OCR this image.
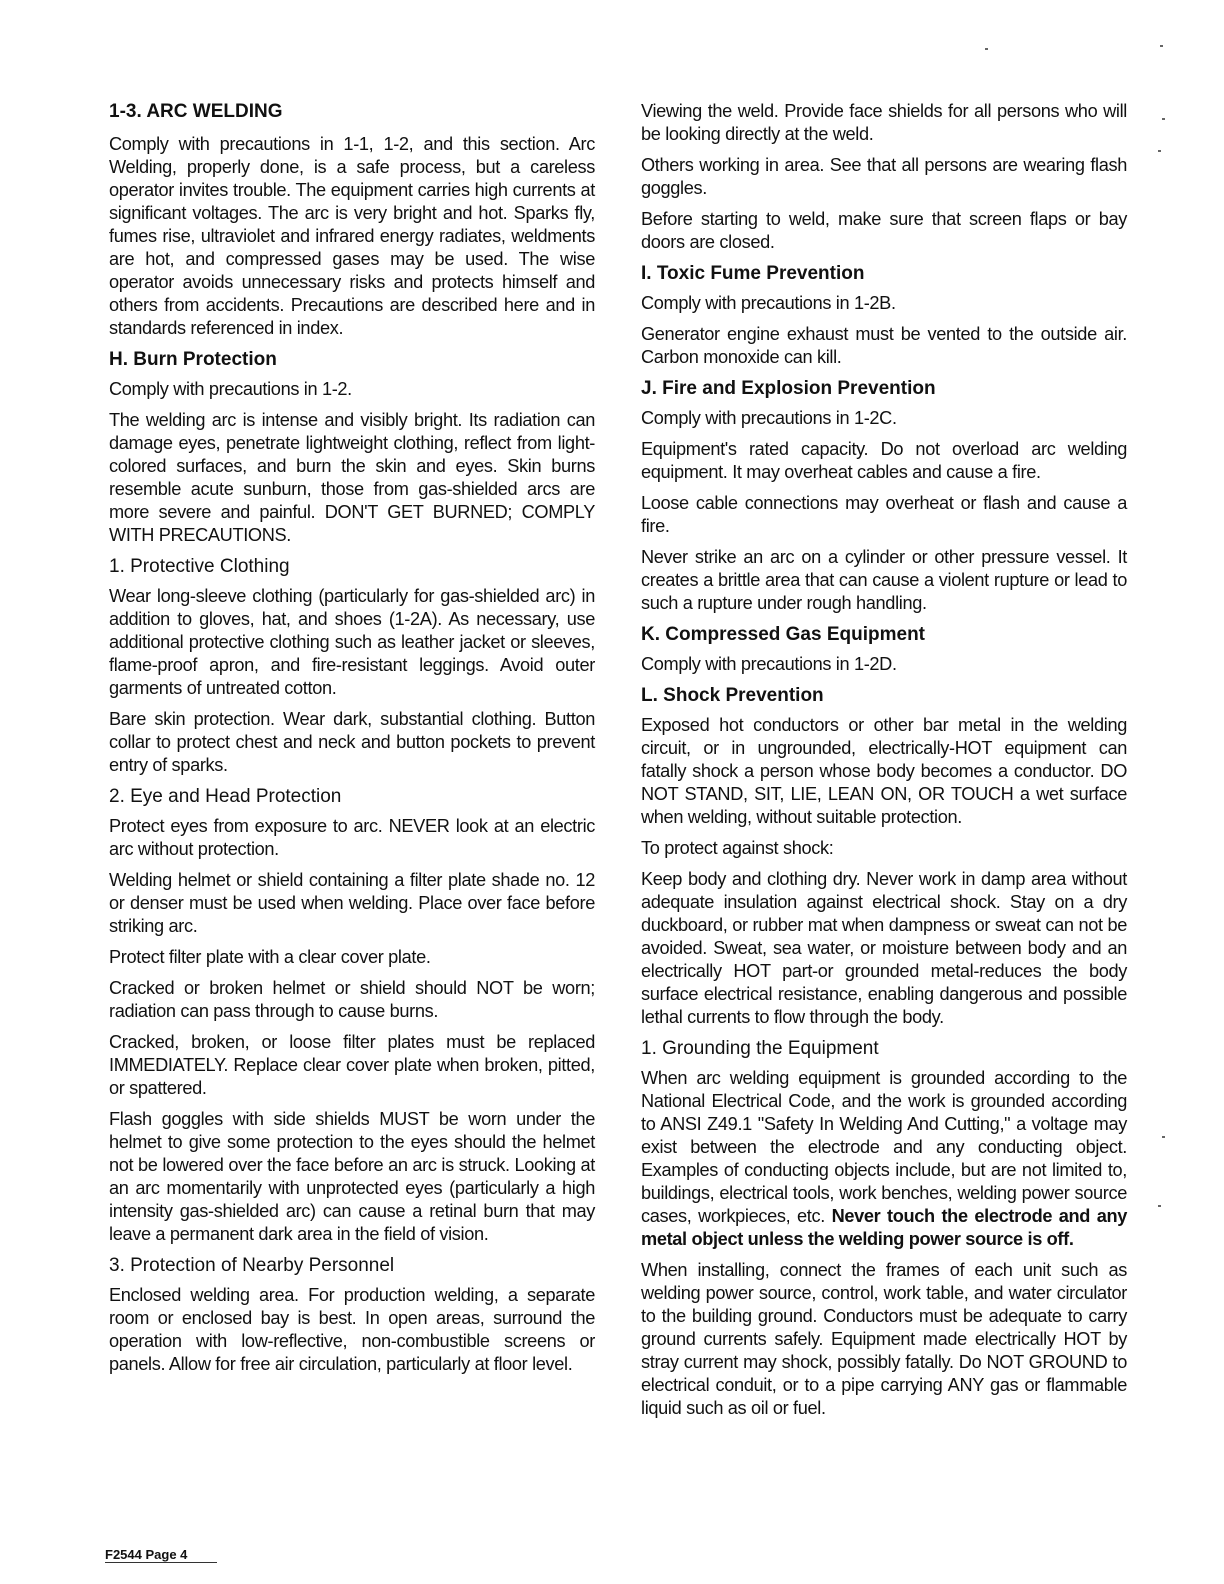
1-3. ARC WELDING
Comply with precautions in 1-1, 1-2, and this section. Arc Welding, properly done, is a safe process, but a careless operator invites trouble. The equipment carries high currents at significant voltages. The arc is very bright and hot. Sparks fly, fumes rise, ultraviolet and infrared energy radiates, weldments are hot, and compressed gases may be used. The wise operator avoids unnecessary risks and protects himself and others from accidents. Precautions are described here and in standards referenced in index.
H. Burn Protection
Comply with precautions in 1-2.
The welding arc is intense and visibly bright. Its radiation can damage eyes, penetrate lightweight clothing, reflect from light-colored surfaces, and burn the skin and eyes. Skin burns resemble acute sunburn, those from gas-shielded arcs are more severe and painful. DON'T GET BURNED; COMPLY WITH PRECAUTIONS.
1. Protective Clothing
Wear long-sleeve clothing (particularly for gas-shielded arc) in addition to gloves, hat, and shoes (1-2A). As necessary, use additional protective clothing such as leather jacket or sleeves, flame-proof apron, and fire-resistant leggings. Avoid outer garments of untreated cotton.
Bare skin protection. Wear dark, substantial clothing. Button collar to protect chest and neck and button pockets to prevent entry of sparks.
2. Eye and Head Protection
Protect eyes from exposure to arc. NEVER look at an electric arc without protection.
Welding helmet or shield containing a filter plate shade no. 12 or denser must be used when welding. Place over face before striking arc.
Protect filter plate with a clear cover plate.
Cracked or broken helmet or shield should NOT be worn; radiation can pass through to cause burns.
Cracked, broken, or loose filter plates must be replaced IMMEDIATELY. Replace clear cover plate when broken, pitted, or spattered.
Flash goggles with side shields MUST be worn under the helmet to give some protection to the eyes should the helmet not be lowered over the face before an arc is struck. Looking at an arc momentarily with unprotected eyes (particularly a high intensity gas-shielded arc) can cause a retinal burn that may leave a permanent dark area in the field of vision.
3. Protection of Nearby Personnel
Enclosed welding area. For production welding, a separate room or enclosed bay is best. In open areas, surround the operation with low-reflective, non-combustible screens or panels. Allow for free air circulation, particularly at floor level.
Viewing the weld. Provide face shields for all persons who will be looking directly at the weld.
Others working in area. See that all persons are wearing flash goggles.
Before starting to weld, make sure that screen flaps or bay doors are closed.
I. Toxic Fume Prevention
Comply with precautions in 1-2B.
Generator engine exhaust must be vented to the outside air. Carbon monoxide can kill.
J. Fire and Explosion Prevention
Comply with precautions in 1-2C.
Equipment's rated capacity. Do not overload arc welding equipment. It may overheat cables and cause a fire.
Loose cable connections may overheat or flash and cause a fire.
Never strike an arc on a cylinder or other pressure vessel. It creates a brittle area that can cause a violent rupture or lead to such a rupture under rough handling.
K. Compressed Gas Equipment
Comply with precautions in 1-2D.
L. Shock Prevention
Exposed hot conductors or other bar metal in the welding circuit, or in ungrounded, electrically-HOT equipment can fatally shock a person whose body becomes a conductor. DO NOT STAND, SIT, LIE, LEAN ON, OR TOUCH a wet surface when welding, without suitable protection.
To protect against shock:
Keep body and clothing dry. Never work in damp area without adequate insulation against electrical shock. Stay on a dry duckboard, or rubber mat when dampness or sweat can not be avoided. Sweat, sea water, or moisture between body and an electrically HOT part-or grounded metal-reduces the body surface electrical resistance, enabling dangerous and possible lethal currents to flow through the body.
1. Grounding the Equipment
When arc welding equipment is grounded according to the National Electrical Code, and the work is grounded according to ANSI Z49.1 "Safety In Welding And Cutting," a voltage may exist between the electrode and any conducting object. Examples of conducting objects include, but are not limited to, buildings, electrical tools, work benches, welding power source cases, workpieces, etc. Never touch the electrode and any metal object unless the welding power source is off.
When installing, connect the frames of each unit such as welding power source, control, work table, and water circulator to the building ground. Conductors must be adequate to carry ground currents safely. Equipment made electrically HOT by stray current may shock, possibly fatally. Do NOT GROUND to electrical conduit, or to a pipe carrying ANY gas or flammable liquid such as oil or fuel.
F2544 Page 4
